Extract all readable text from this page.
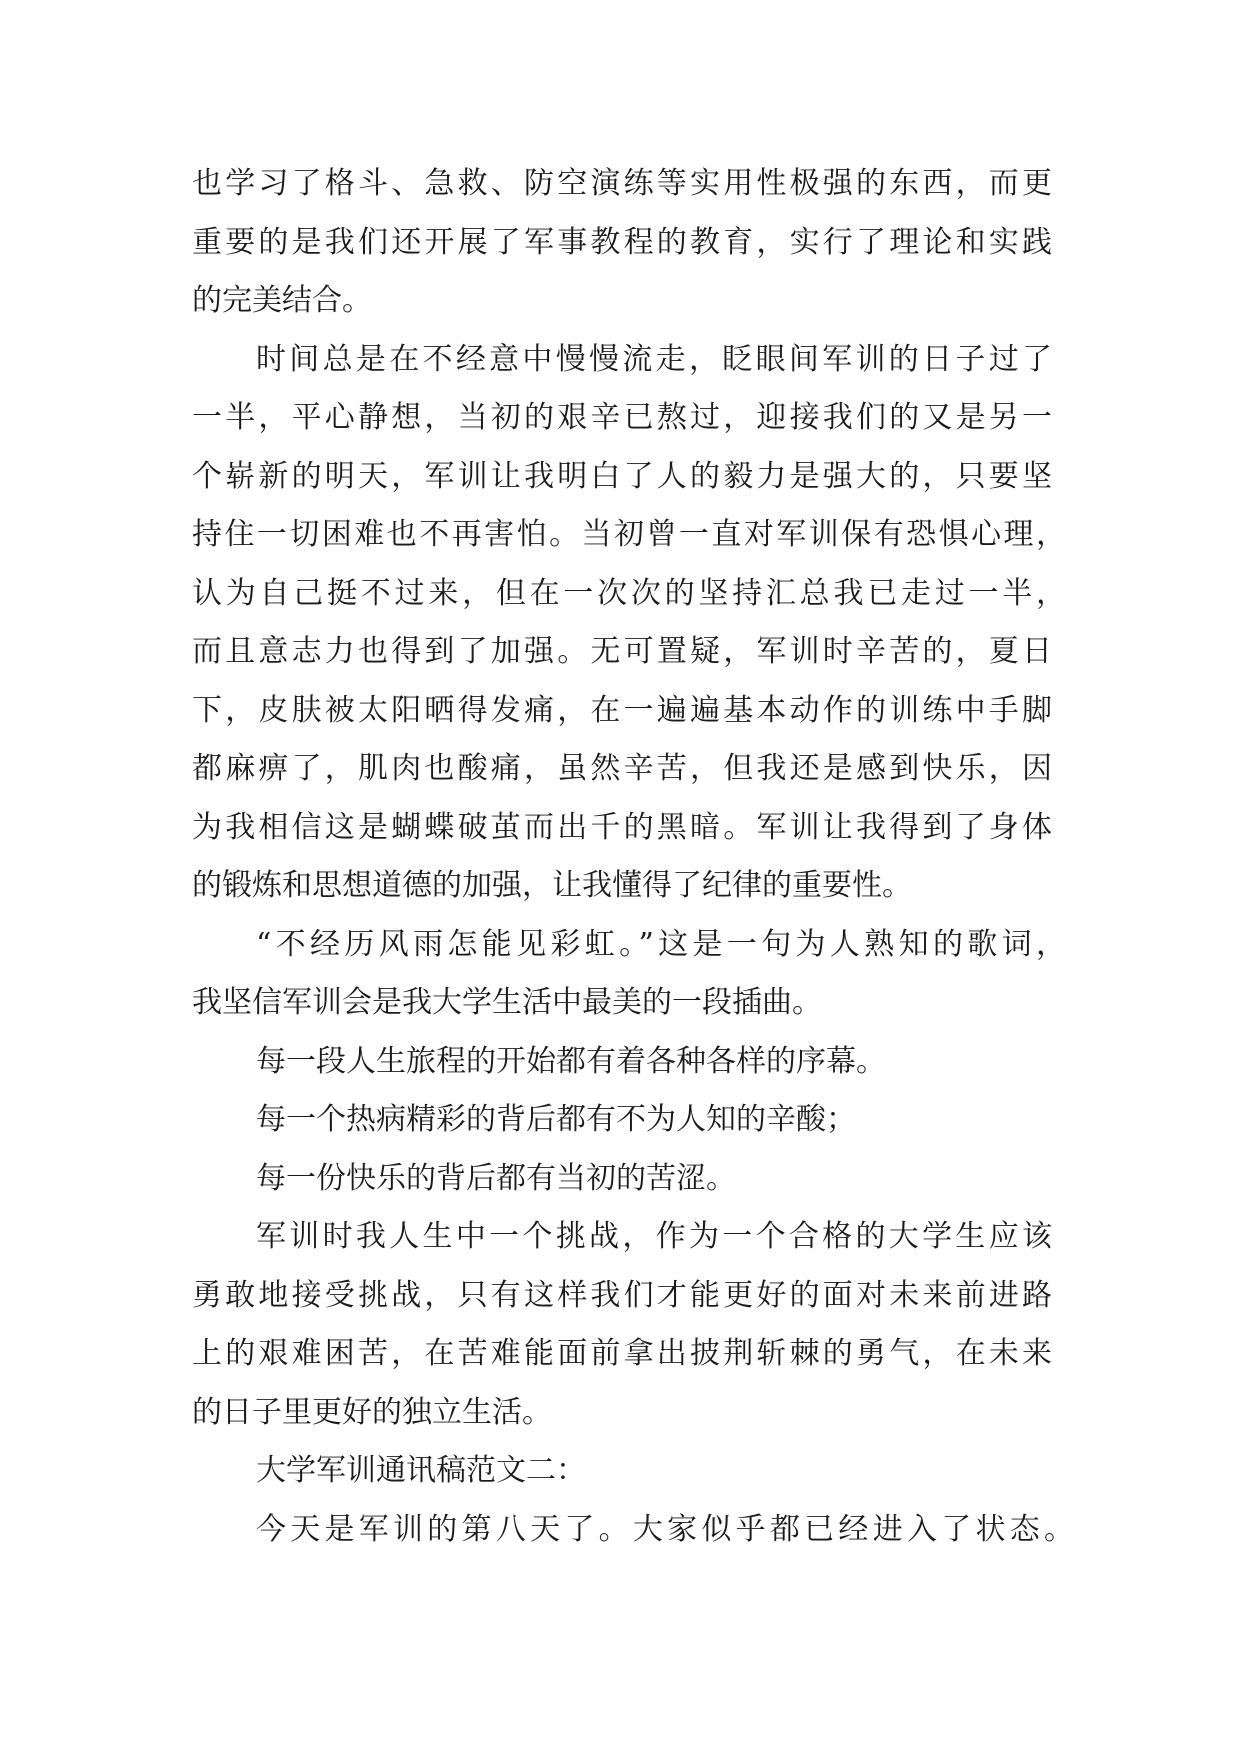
也学习了格斗、急救、防空演练等实用性极强的东西，而更
重要的是我们还开展了军事教程的教育，实行了理论和实践
的完美结合。
时间总是在不经意中慢慢流走，眨眼间军训的日子过了
一半，平心静想，当初的艰辛已熬过，迎接我们的又是另一
个崭新的明天，军训让我明白了人的毅力是强大的，只要坚
持住一切困难也不再害怕。当初曾一直对军训保有恐惧心理，
认为自己挺不过来，但在一次次的坚持汇总我已走过一半，
而且意志力也得到了加强。无可置疑，军训时辛苦的，夏日
下，皮肤被太阳晒得发痛，在一遍遍基本动作的训练中手脚
都麻痹了，肌肉也酸痛，虽然辛苦，但我还是感到快乐，因
为我相信这是蝴蝶破茧而出千的黑暗。军训让我得到了身体
的锻炼和思想道德的加强，让我懂得了纪律的重要性。
“不经历风雨怎能见彩虹。”这是一句为人熟知的歌词，
我坚信军训会是我大学生活中最美的一段插曲。
每一段人生旅程的开始都有着各种各样的序幕。
每一个热病精彩的背后都有不为人知的辛酸；
每一份快乐的背后都有当初的苦涩。
军训时我人生中一个挑战，作为一个合格的大学生应该
勇敢地接受挑战，只有这样我们才能更好的面对未来前进路
上的艰难困苦，在苦难能面前拿出披荆斩棘的勇气，在未来
的日子里更好的独立生活。
大学军训通讯稿范文二：
今天是军训的第八天了。大家似乎都已经进入了状态。
